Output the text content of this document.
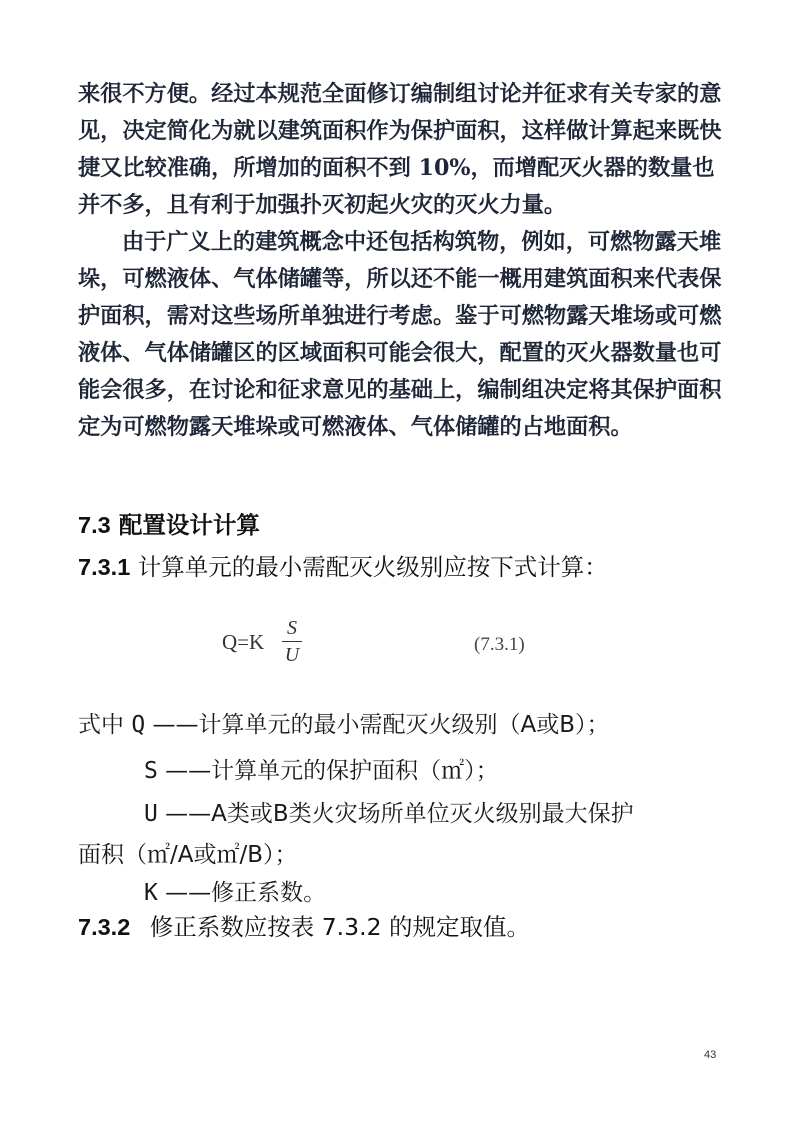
来很不方便。经过本规范全面修订编制组讨论并征求有关专家的意见，决定简化为就以建筑面积作为保护面积，这样做计算起来既快捷又比较准确，所增加的面积不到 10%，而增配灭火器的数量也并不多，且有利于加强扑灭初起火灾的灭火力量。

由于广义上的建筑概念中还包括构筑物，例如，可燃物露天堆垛，可燃液体、气体储罐等，所以还不能一概用建筑面积来代表保护面积，需对这些场所单独进行考虑。鉴于可燃物露天堆场或可燃液体、气体储罐区的区域面积可能会很大，配置的灭火器数量也可能会很多，在讨论和征求意见的基础上，编制组决定将其保护面积定为可燃物露天堆垛或可燃液体、气体储罐的占地面积。

7.3 配置设计计算
7.3.1 计算单元的最小需配灭火级别应按下式计算：
Q=K
S
U	(7.3.1)
式中 Q ——计算单元的最小需配灭火级别（A或B）；
S ——计算单元的保护面积（㎡）；
U ——A类或B类火灾场所单位灭火级别最大保护
面积（㎡/A或㎡/B）；
K ——修正系数。
7.3.2 修正系数应按表 7.3.2 的规定取值。
43
